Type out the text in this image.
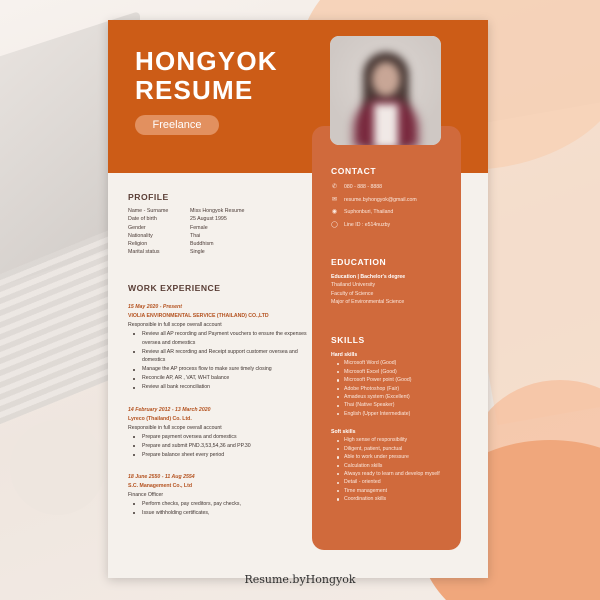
HONGYOK
RESUME
Freelance
CONTACT
✆ 080 - 888 - 8888
✉ resume.byhongyok@gmail.com
◉ Suphonburi, Thailand
◯ Line ID : e514nuzby
EDUCATION
Education | Bachelor's degree
Thailand University
Faculty of Science
Major of Environmental Science
SKILLS
Hard skills
Microsoft Word (Good)
Microsoft Excel (Good)
Microsoft Power point (Good)
Adobe Photoshop (Fair)
Amadeus system (Excellent)
Thai (Native Speaker)
English (Upper Intermediate)
Soft skills
High sense of responsibility
Diligent, patient, punctual
Able to work under pressure
Calculation skills
Always ready to learn and develop myself
Detail - oriented
Time management
Coordination skills
PROFILE
Name - Surname	Miss Hongyok Resume
Date of birth	25 August 1995
Gender	Female
Nationality	Thai
Religion	Buddhism
Marital status	Single
WORK EXPERIENCE
15 May 2020 - Present
VIOLIA ENVIRONMENTAL SERVICE (THAILAND) CO.,LTD
Responsible in full scope overall account
Review all AP recording and Payment vouchers to ensure the expenses oversea and domestics
Review all AR recording and Receipt support customer oversea and domestics
Manage the AP process flow to make sure timely closing
Reconcile AP, AR , VAT, WHT balance
Review all bank reconciliation
14 February 2012 - 13 March 2020
Lyreco (Thailand) Co. Ltd.
Responsible in full scope overall account
Prepare payment oversea and domestics
Prepare and submit PND.3,53,54,36 and PP.30
Prepare balance sheet every period
18 June 2550 - 11 Aug 2554
S.C. Management Co., Ltd
Finance Officer
Perform checks, pay creditors, pay checks,
Issue withholding certificates,
Resume.byHongyok
